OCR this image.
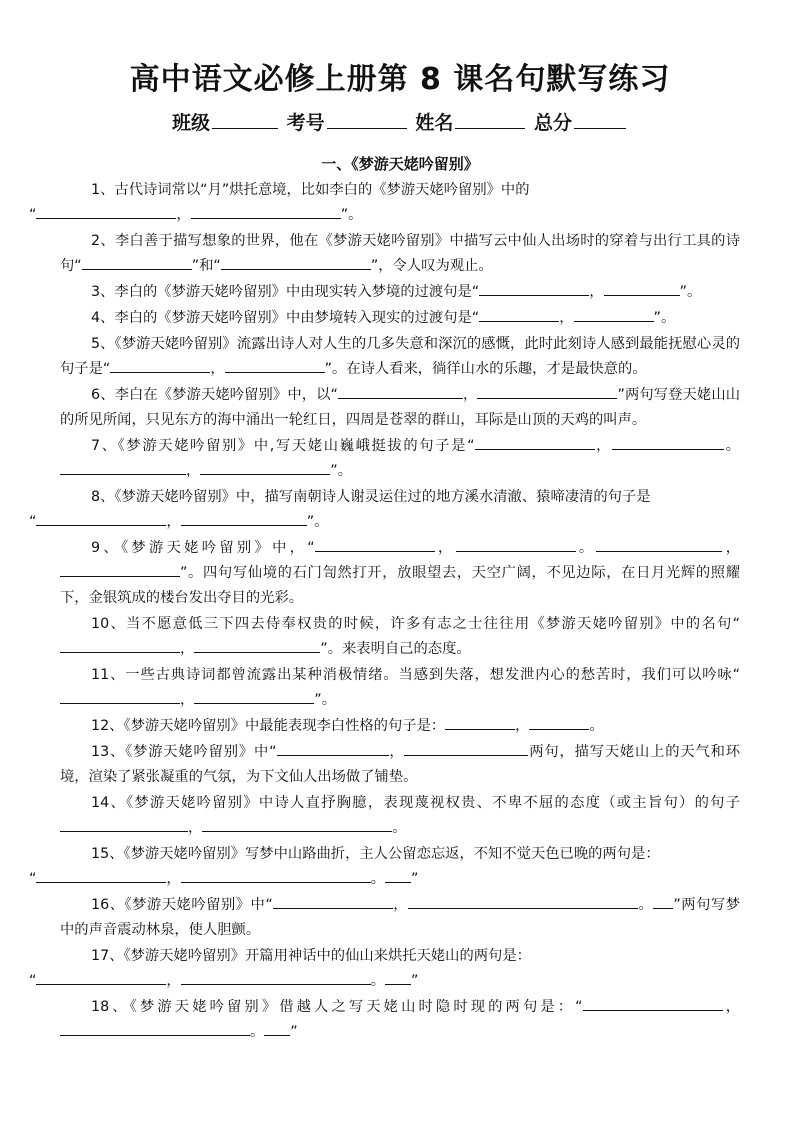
高中语文必修上册第 8 课名句默写练习
班级	考号	姓名	总分
一、《梦游天姥吟留别》

1、古代诗词常以“月”烘托意境，比如李白的《梦游天姥吟留别》中的
“	，	”。

2、李白善于描写想象的世界，他在《梦游天姥吟留别》中描写云中仙人出场时的穿着与出行工具的诗句“	”和“	”，令人叹为观止。

3、李白的《梦游天姥吟留别》中由现实转入梦境的过渡句是“	，	”。

4、李白的《梦游天姥吟留别》中由梦境转入现实的过渡句是“	，	”。

5、《梦游天姥吟留别》流露出诗人对人生的几多失意和深沉的感慨，此时此刻诗人感到最能抚慰心灵的句子是“	，	”。在诗人看来，徜徉山水的乐趣，才是最快意的。

6、李白在《梦游天姥吟留别》中，以“	，	”两句写登天姥山山的所见所闻，只见东方的海中涌出一轮红日，四周是苍翠的群山，耳际是山顶的天鸡的叫声。

7、《梦游天姥吟留别》中,写天姥山巍峨挺拔的句子是“	，	。，	”。

8、《梦游天姥吟留别》中，描写南朝诗人谢灵运住过的地方溪水清澈、猿啼凄清的句子是
“	，	”。

9、《梦游天姥吟留别》中，“	，	。	，”。四句写仙境的石门訇然打开，放眼望去，天空广阔，不见边际，在日月光辉的照耀下，金银筑成的楼台发出夺目的光彩。

10、当不愿意低三下四去侍奉权贵的时候，许多有志之士往往用《梦游天姥吟留别》中的名句“，	”。来表明自己的态度。

11、一些古典诗词都曾流露出某种消极情绪。当感到失落，想发泄内心的愁苦时，我们可以吟咏“，	”。

12、《梦游天姥吟留别》中最能表现李白性格的句子是：	，	。

13、《梦游天姥吟留别》中“	，	两句，描写天姥山上的天气和环境，渲染了紧张凝重的气氛，为下文仙人出场做了铺垫。

14、《梦游天姥吟留别》中诗人直抒胸臆，表现蔑视权贵、不卑不屈的态度（或主旨句）的句子，	。

15、《梦游天姥吟留别》写梦中山路曲折，主人公留恋忘返，不知不觉天色已晚的两句是：
“	，	。 ”

16、《梦游天姥吟留别》中“	，	。 ”两句写梦中的声音震动林泉，使人胆颤。

17、《梦游天姥吟留别》开篇用神话中的仙山来烘托天姥山的两句是：
“	，	。 ”

18、《梦游天姥吟留别》借越人之写天姥山时隐时现的两句是：“	，。 ”
